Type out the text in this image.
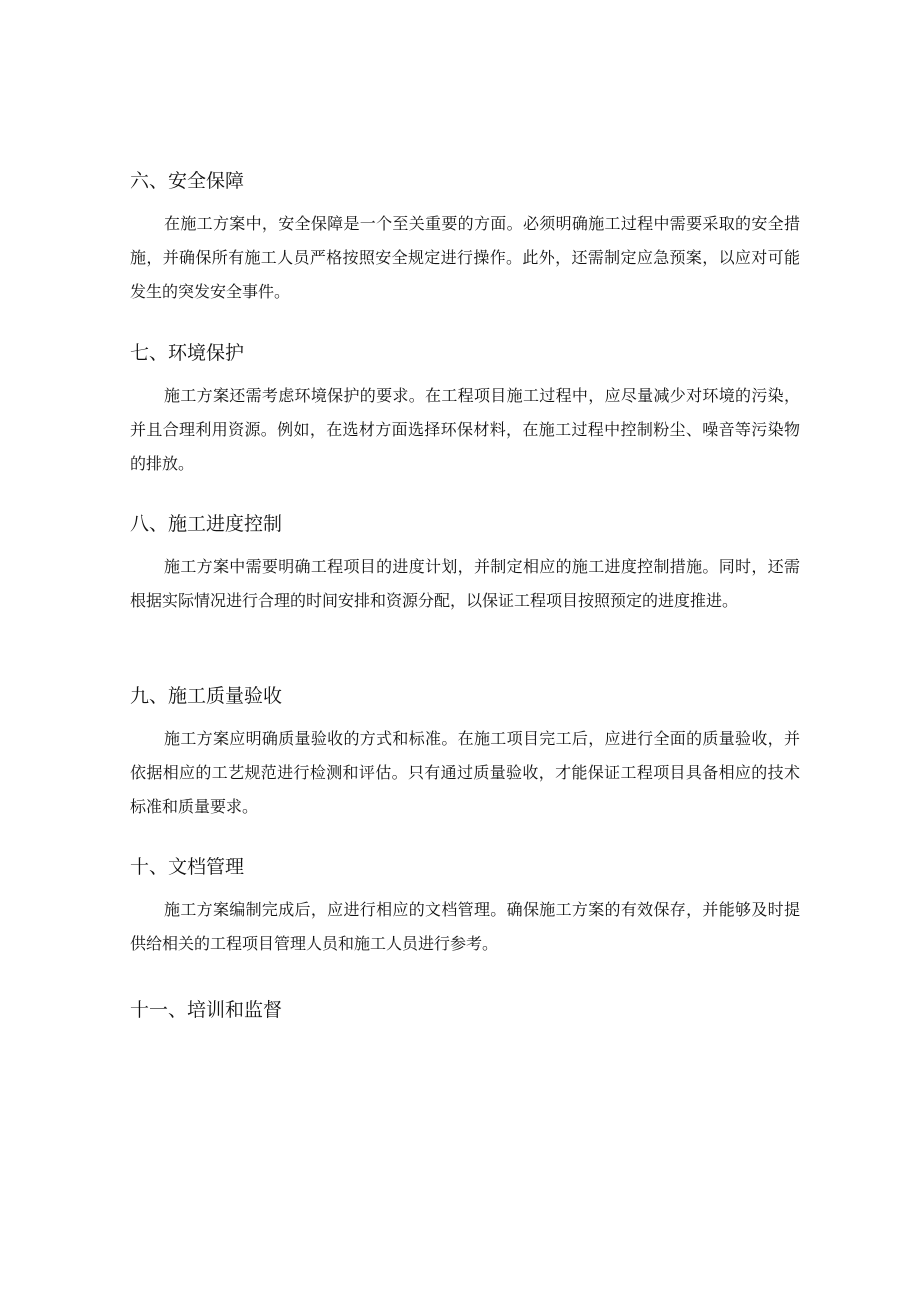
六、安全保障

在施工方案中，安全保障是一个至关重要的方面。必须明确施工过程中需要采取的安全措施，并确保所有施工人员严格按照安全规定进行操作。此外，还需制定应急预案，以应对可能发生的突发安全事件。

七、环境保护

施工方案还需考虑环境保护的要求。在工程项目施工过程中，应尽量减少对环境的污染，并且合理利用资源。例如，在选材方面选择环保材料，在施工过程中控制粉尘、噪音等污染物的排放。

八、施工进度控制

施工方案中需要明确工程项目的进度计划，并制定相应的施工进度控制措施。同时，还需根据实际情况进行合理的时间安排和资源分配，以保证工程项目按照预定的进度推进。

九、施工质量验收

施工方案应明确质量验收的方式和标准。在施工项目完工后，应进行全面的质量验收，并依据相应的工艺规范进行检测和评估。只有通过质量验收，才能保证工程项目具备相应的技术标准和质量要求。

十、文档管理

施工方案编制完成后，应进行相应的文档管理。确保施工方案的有效保存，并能够及时提供给相关的工程项目管理人员和施工人员进行参考。

十一、培训和监督
